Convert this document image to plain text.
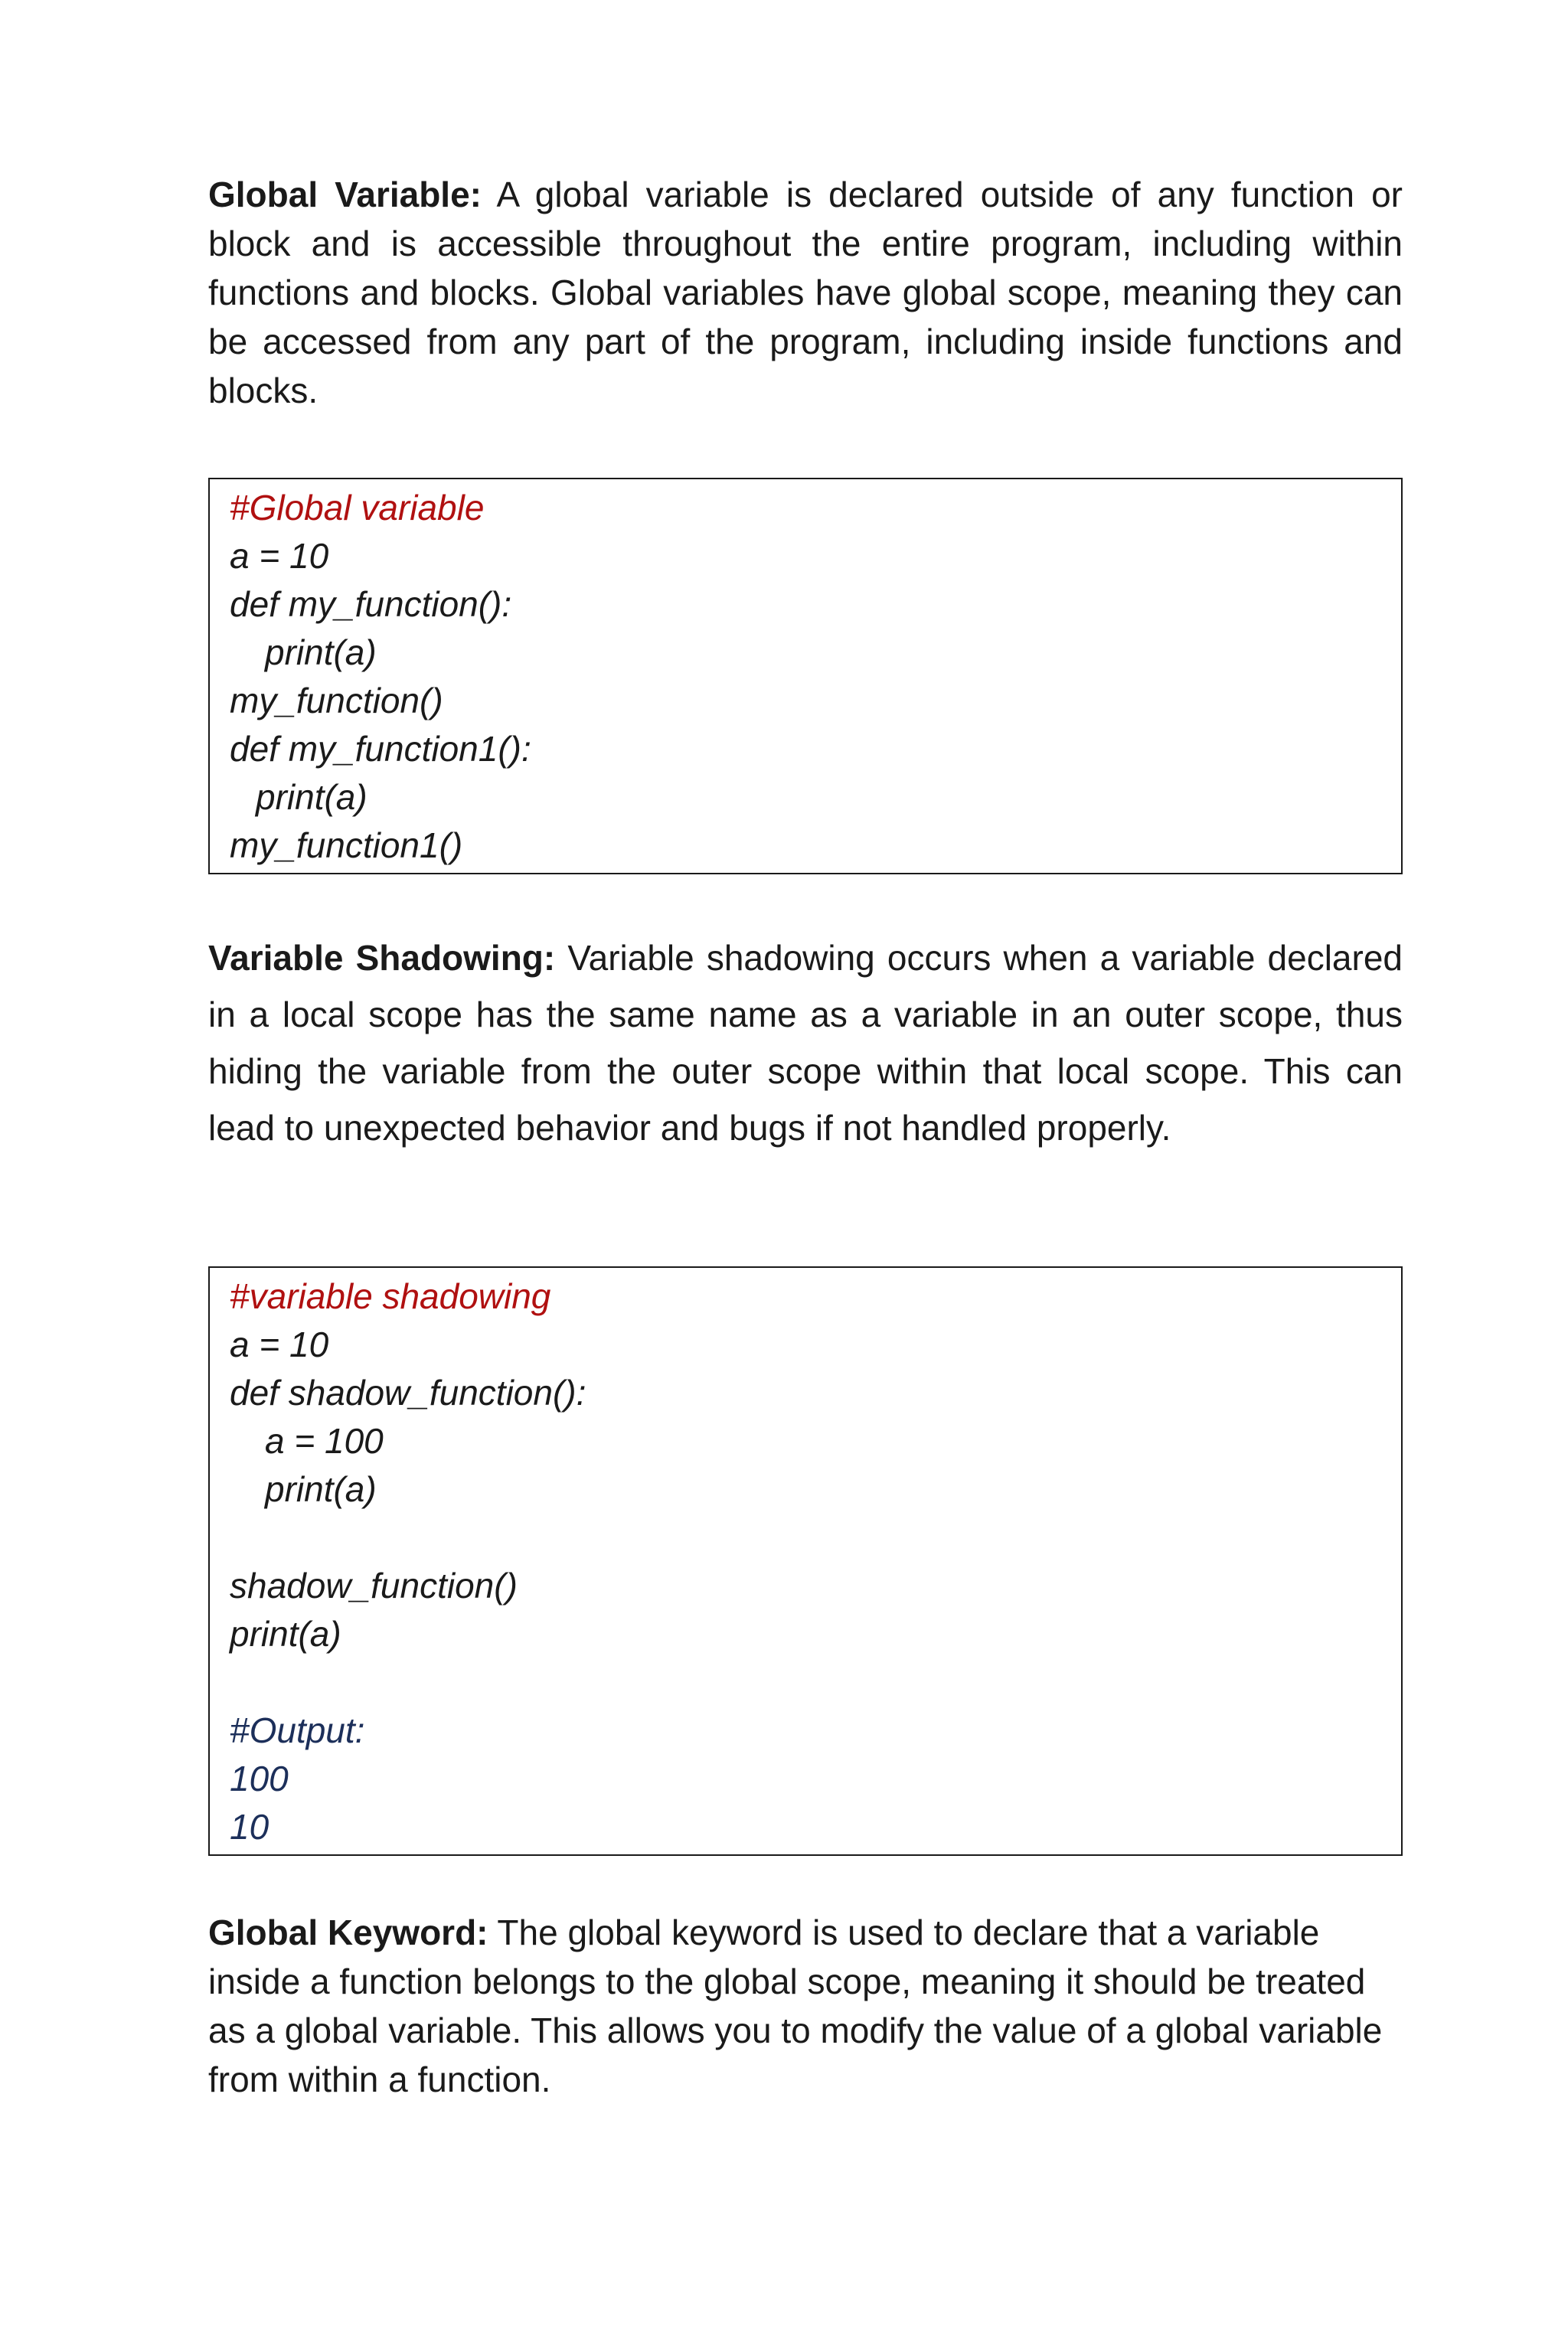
Global Variable: A global variable is declared outside of any function or block and is accessible throughout the entire program, including within functions and blocks. Global variables have global scope, meaning they can be accessed from any part of the program, including inside functions and blocks.

#Global variable
a = 10
def my_function():
print(a)
my_function()
def my_function1():
print(a)
my_function1()

Variable Shadowing: Variable shadowing occurs when a variable declared in a local scope has the same name as a variable in an outer scope, thus hiding the variable from the outer scope within that local scope. This can lead to unexpected behavior and bugs if not handled properly.

#variable shadowing
a = 10
def shadow_function():
a = 100
print(a)
shadow_function()
print(a)
#Output:
100
10

Global Keyword: The global keyword is used to declare that a variable inside a function belongs to the global scope, meaning it should be treated as a global variable. This allows you to modify the value of a global variable from within a function.
